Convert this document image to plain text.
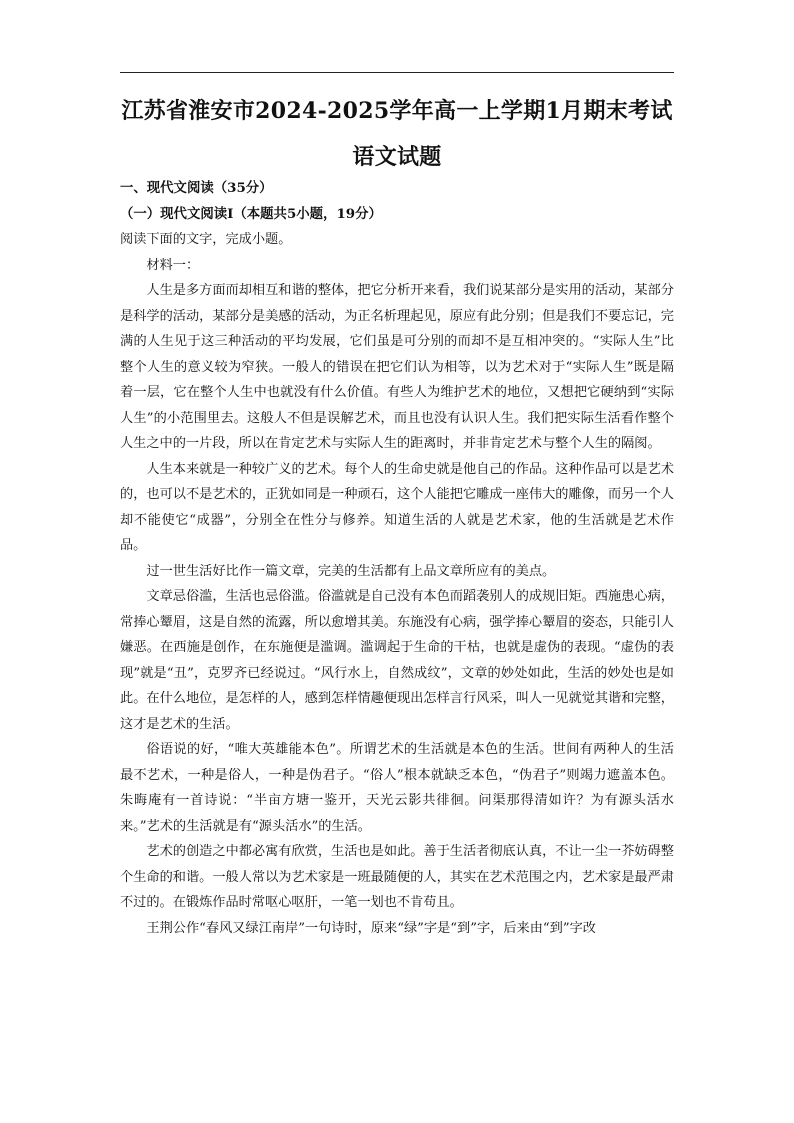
江苏省淮安市2024-2025学年高一上学期1月期末考试
语文试题

一、现代文阅读（35分）

（一）现代文阅读Ⅰ（本题共5小题，19分）

阅读下面的文字，完成小题。

材料一：

人生是多方面而却相互和谐的整体，把它分析开来看，我们说某部分是实用的活动，某部分是科学的活动，某部分是美感的活动，为正名析理起见，原应有此分别；但是我们不要忘记，完满的人生见于这三种活动的平均发展，它们虽是可分别的而却不是互相冲突的。“实际人生”比整个人生的意义较为窄狭。一般人的错误在把它们认为相等，以为艺术对于“实际人生”既是隔着一层，它在整个人生中也就没有什么价值。有些人为维护艺术的地位，又想把它硬纳到“实际人生”的小范围里去。这般人不但是误解艺术，而且也没有认识人生。我们把实际生活看作整个人生之中的一片段，所以在肯定艺术与实际人生的距离时，并非肯定艺术与整个人生的隔阂。

人生本来就是一种较广义的艺术。每个人的生命史就是他自己的作品。这种作品可以是艺术的，也可以不是艺术的，正犹如同是一种顽石，这个人能把它雕成一座伟大的雕像，而另一个人却不能使它“成器”，分别全在性分与修养。知道生活的人就是艺术家，他的生活就是艺术作品。

过一世生活好比作一篇文章，完美的生活都有上品文章所应有的美点。

文章忌俗滥，生活也忌俗滥。俗滥就是自己没有本色而蹈袭别人的成规旧矩。西施患心病，常捧心颦眉，这是自然的流露，所以愈增其美。东施没有心病，强学捧心颦眉的姿态，只能引人嫌恶。在西施是创作，在东施便是滥调。滥调起于生命的干枯，也就是虚伪的表现。“虚伪的表现”就是“丑”，克罗齐已经说过。“风行水上，自然成纹”，文章的妙处如此，生活的妙处也是如此。在什么地位，是怎样的人，感到怎样情趣便现出怎样言行风采，叫人一见就觉其谐和完整，这才是艺术的生活。

俗语说的好，“唯大英雄能本色”。所谓艺术的生活就是本色的生活。世间有两种人的生活最不艺术，一种是俗人，一种是伪君子。“俗人”根本就缺乏本色，“伪君子”则竭力遮盖本色。朱晦庵有一首诗说：“半亩方塘一鉴开，天光云影共徘徊。问渠那得清如许？为有源头活水来。”艺术的生活就是有“源头活水”的生活。

艺术的创造之中都必寓有欣赏，生活也是如此。善于生活者彻底认真，不让一尘一芥妨碍整个生命的和谐。一般人常以为艺术家是一班最随便的人，其实在艺术范围之内，艺术家是最严肃不过的。在锻炼作品时常呕心呕肝，一笔一划也不肯苟且。

王荆公作“春风又绿江南岸”一句诗时，原来“绿”字是“到”字，后来由“到”字改
